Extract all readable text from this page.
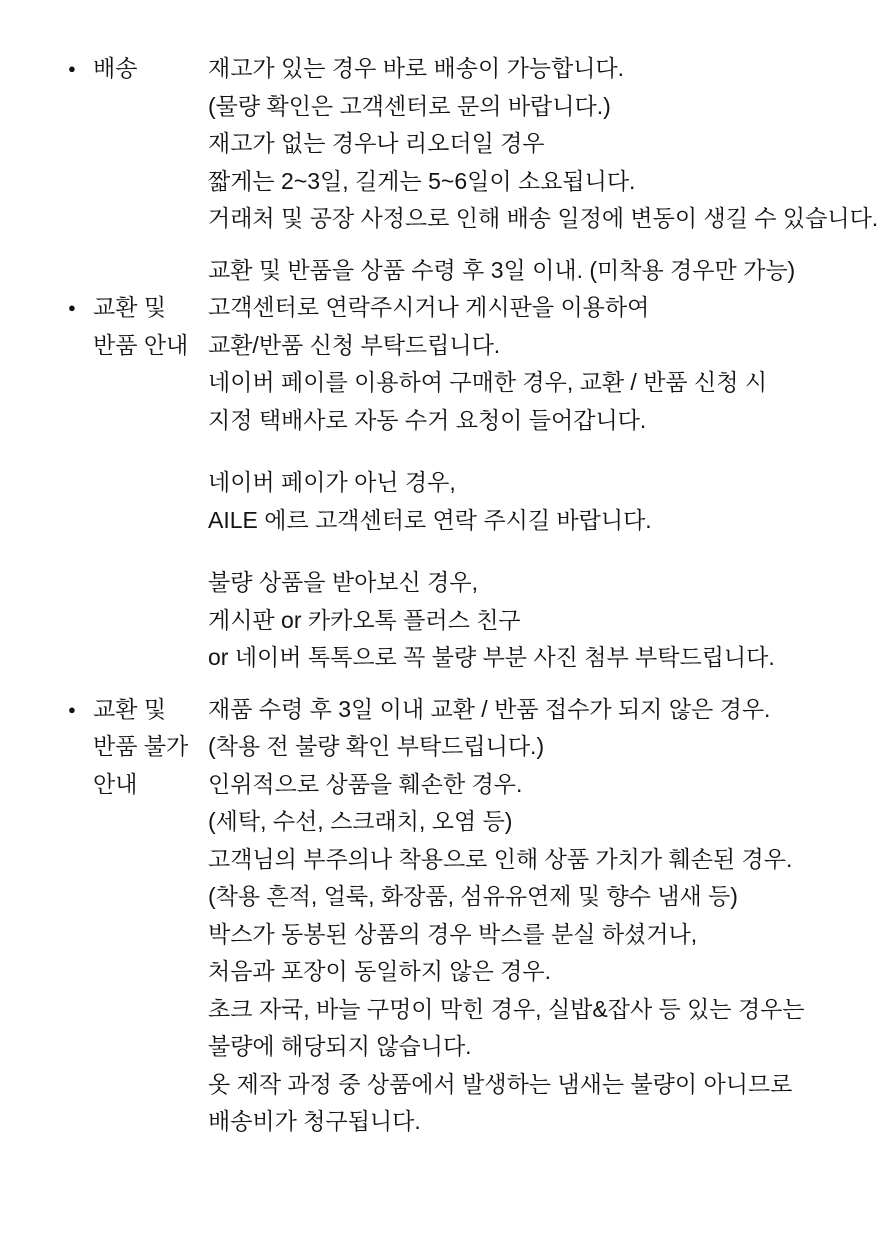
● 배송	재고가 있는 경우 바로 배송이 가능합니다.
(물량 확인은 고객센터로 문의 바랍니다.)
재고가 없는 경우나 리오더일 경우
짧게는 2~3일, 길게는 5~6일이 소요됩니다.
거래처 및 공장 사정으로 인해 배송 일정에 변동이 생길 수 있습니다.
● 교환 및
반품 안내
교환 및 반품을 상품 수령 후 3일 이내. (미착용 경우만 가능)
고객센터로 연락주시거나 게시판을 이용하여
교환/반품 신청 부탁드립니다.
네이버 페이를 이용하여 구매한 경우, 교환 / 반품 신청 시
지정 택배사로 자동 수거 요청이 들어갑니다.
네이버 페이가 아닌 경우,
AILE 에르 고객센터로 연락 주시길 바랍니다.
불량 상품을 받아보신 경우,
게시판 or 카카오톡 플러스 친구
or 네이버 톡톡으로 꼭 불량 부분 사진 첨부 부탁드립니다.
● 교환 및
반품 불가
안내
재품 수령 후 3일 이내 교환 / 반품 접수가 되지 않은 경우.
(착용 전 불량 확인 부탁드립니다.)
인위적으로 상품을 훼손한 경우.
(세탁, 수선, 스크래치, 오염 등)
고객님의 부주의나 착용으로 인해 상품 가치가 훼손된 경우.
(착용 흔적, 얼룩, 화장품, 섬유유연제 및 향수 냄새 등)
박스가 동봉된 상품의 경우 박스를 분실 하셨거나,
처음과 포장이 동일하지 않은 경우.
초크 자국, 바늘 구멍이 막힌 경우, 실밥&잡사 등 있는 경우는
불량에 해당되지 않습니다.
옷 제작 과정 중 상품에서 발생하는 냄새는 불량이 아니므로
배송비가 청구됩니다.
